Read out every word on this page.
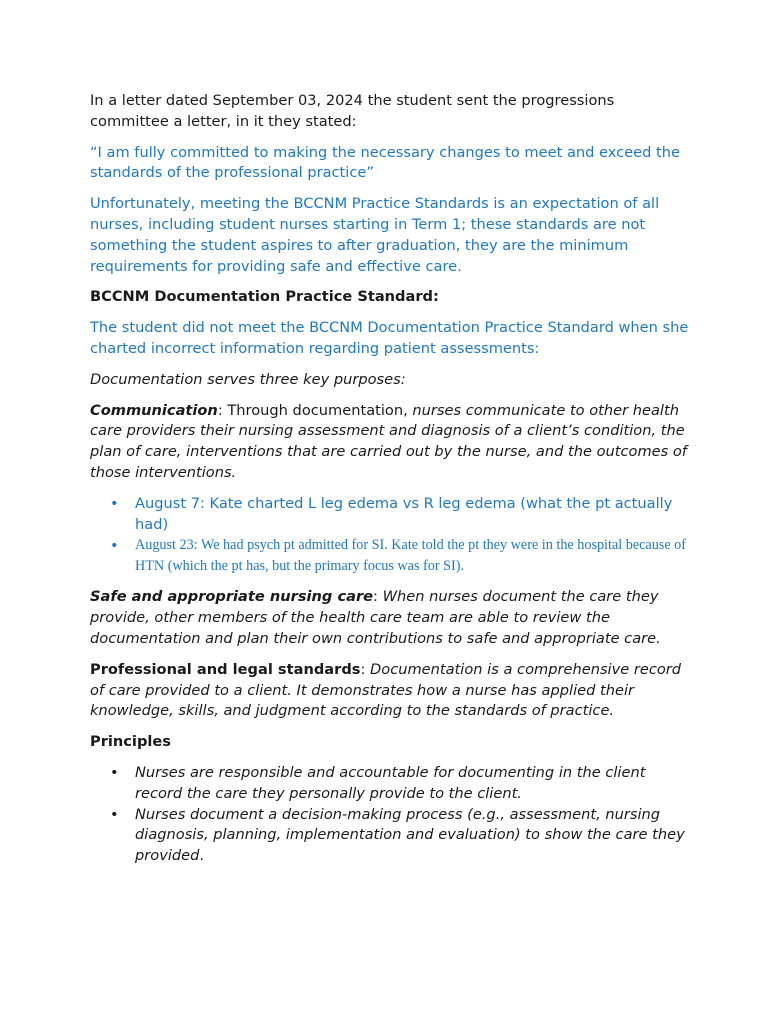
In a letter dated September 03, 2024 the student sent the progressions committee a letter, in it they stated:

“I am fully committed to making the necessary changes to meet and exceed the standards of the professional practice”

Unfortunately, meeting the BCCNM Practice Standards is an expectation of all nurses, including student nurses starting in Term 1; these standards are not something the student aspires to after graduation, they are the minimum requirements for providing safe and effective care.

BCCNM Documentation Practice Standard:

The student did not meet the BCCNM Documentation Practice Standard when she charted incorrect information regarding patient assessments:

Documentation serves three key purposes:

Communication: Through documentation, nurses communicate to other health care providers their nursing assessment and diagnosis of a client’s condition, the plan of care, interventions that are carried out by the nurse, and the outcomes of those interventions.

• August 7: Kate charted L leg edema vs R leg edema (what the pt actually had)
• August 23: We had psych pt admitted for SI. Kate told the pt they were in the hospital because of HTN (which the pt has, but the primary focus was for SI).

Safe and appropriate nursing care: When nurses document the care they provide, other members of the health care team are able to review the documentation and plan their own contributions to safe and appropriate care.

Professional and legal standards: Documentation is a comprehensive record of care provided to a client. It demonstrates how a nurse has applied their knowledge, skills, and judgment according to the standards of practice.

Principles

• Nurses are responsible and accountable for documenting in the client record the care they personally provide to the client.
• Nurses document a decision-making process (e.g., assessment, nursing diagnosis, planning, implementation and evaluation) to show the care they provided.
